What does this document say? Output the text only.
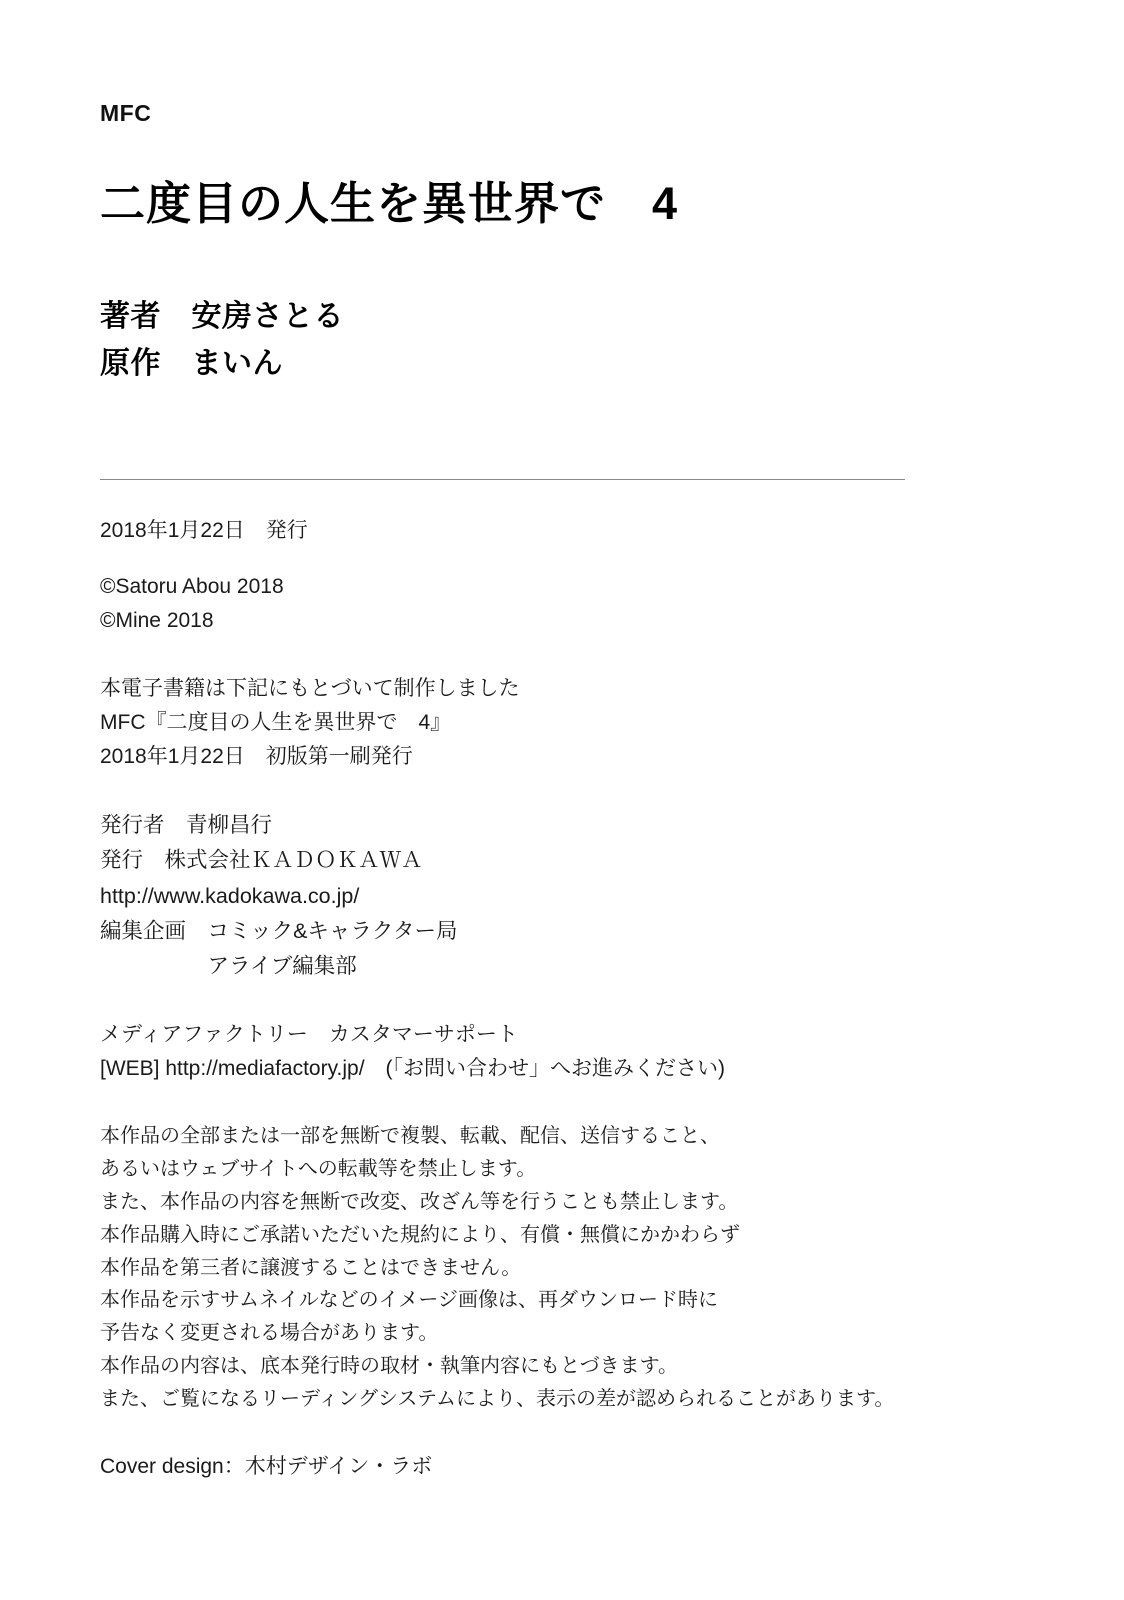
MFC
二度目の人生を異世界で　4
著者　安房さとる
原作　まいん
2018年1月22日　発行
©Satoru Abou 2018
©Mine 2018
本電子書籍は下記にもとづいて制作しました
MFC『二度目の人生を異世界で　4』
2018年1月22日　初版第一刷発行
発行者　青柳昌行
発行　株式会社ＫＡＤＯＫＡＷＡ
http://www.kadokawa.co.jp/
編集企画　コミック&キャラクター局
　　　　　アライブ編集部
メディアファクトリー　カスタマーサポート
[WEB] http://mediafactory.jp/　(「お問い合わせ」へお進みください)
本作品の全部または一部を無断で複製、転載、配信、送信すること、
あるいはウェブサイトへの転載等を禁止します。
また、本作品の内容を無断で改変、改ざん等を行うことも禁止します。
本作品購入時にご承諾いただいた規約により、有償・無償にかかわらず
本作品を第三者に譲渡することはできません。
本作品を示すサムネイルなどのイメージ画像は、再ダウンロード時に
予告なく変更される場合があります。
本作品の内容は、底本発行時の取材・執筆内容にもとづきます。
また、ご覧になるリーディングシステムにより、表示の差が認められることがあります。
Cover design：木村デザイン・ラボ
